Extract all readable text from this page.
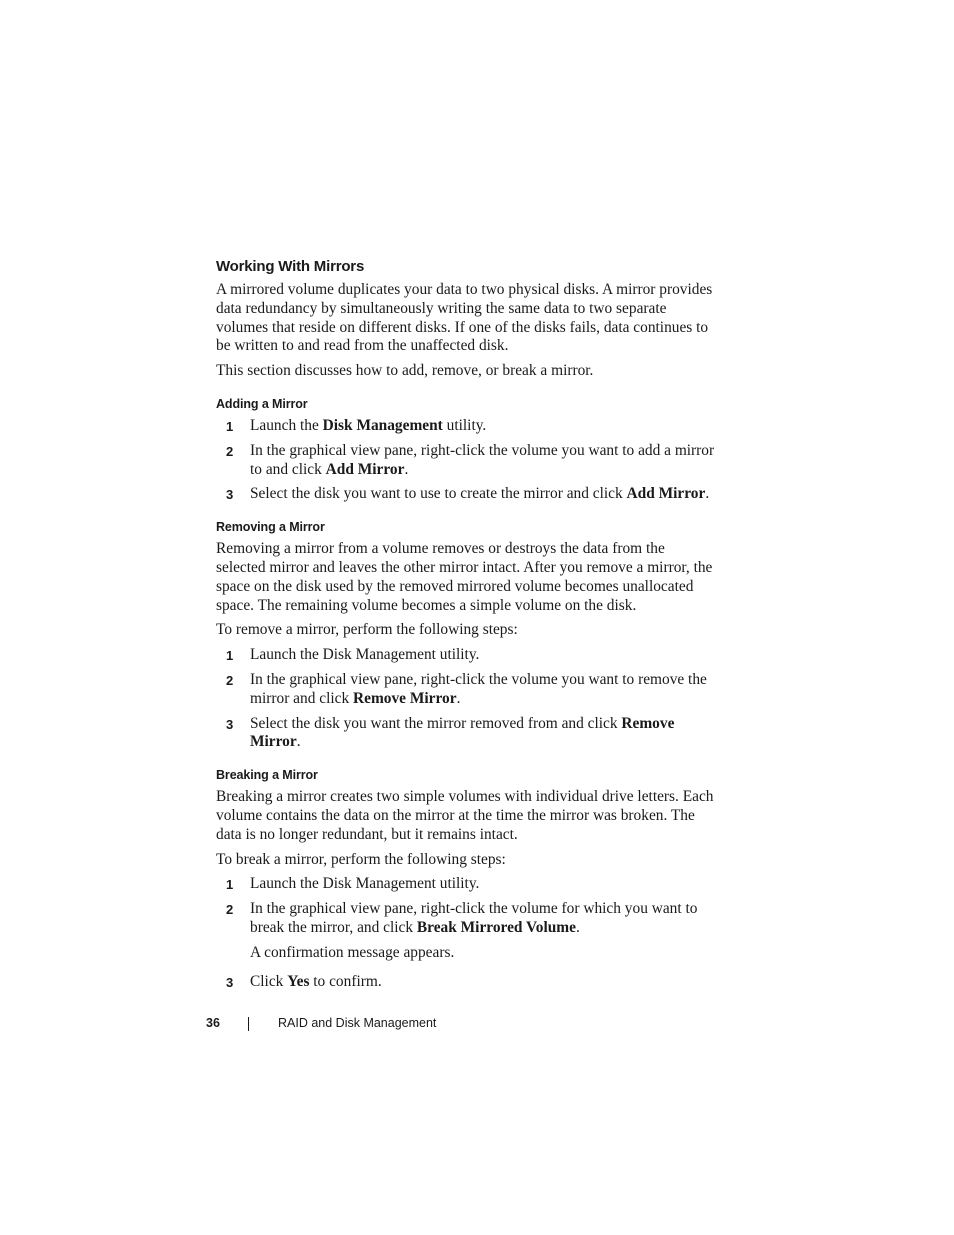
Working With Mirrors

A mirrored volume duplicates your data to two physical disks. A mirror provides data redundancy by simultaneously writing the same data to two separate volumes that reside on different disks. If one of the disks fails, data continues to be written to and read from the unaffected disk.

This section discusses how to add, remove, or break a mirror.

Adding a Mirror
1 Launch the Disk Management utility.
2 In the graphical view pane, right-click the volume you want to add a mirror to and click Add Mirror.
3 Select the disk you want to use to create the mirror and click Add Mirror.
Removing a Mirror

Removing a mirror from a volume removes or destroys the data from the selected mirror and leaves the other mirror intact. After you remove a mirror, the space on the disk used by the removed mirrored volume becomes unallocated space. The remaining volume becomes a simple volume on the disk.

To remove a mirror, perform the following steps:

1 Launch the Disk Management utility.
2 In the graphical view pane, right-click the volume you want to remove the mirror and click Remove Mirror.
3 Select the disk you want the mirror removed from and click Remove Mirror.
Breaking a Mirror

Breaking a mirror creates two simple volumes with individual drive letters. Each volume contains the data on the mirror at the time the mirror was broken. The data is no longer redundant, but it remains intact.

To break a mirror, perform the following steps:

1 Launch the Disk Management utility.
2 In the graphical view pane, right-click the volume for which you want to break the mirror, and click Break Mirrored Volume.

A confirmation message appears.

3 Click Yes to confirm.
36	RAID and Disk Management
